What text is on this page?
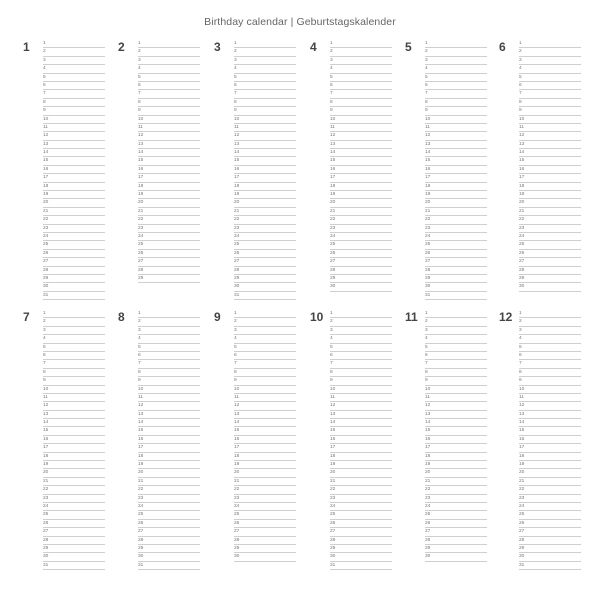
Birthday calendar | Geburtstagskalender
1	1
2
3
4
5
6
7
8
9
10
11
12
13
14
15
16
17
18
19
20
21
22
23
24
25
26
27
28
29
30
31
2	1
2
3
4
5
6
7
8
9
10
11
12
13
14
15
16
17
18
19
20
21
22
23
24
25
26
27
28
29
3	1
2
3
4
5
6
7
8
9
10
11
12
13
14
15
16
17
18
19
20
21
22
23
24
25
26
27
28
29
30
31
4	1
2
3
4
5
6
7
8
9
10
11
12
13
14
15
16
17
18
19
20
21
22
23
24
25
26
27
28
29
30
5	1
2
3
4
5
6
7
8
9
10
11
12
13
14
15
16
17
18
19
20
21
22
23
24
25
26
27
28
29
30
31
6	1
2
3
4
5
6
7
8
9
10
11
12
13
14
15
16
17
18
19
20
21
22
23
24
25
26
27
28
29
30
7	1
2
3
4
5
6
7
8
9
10
11
12
13
14
15
16
17
18
19
20
21
22
23
24
25
26
27
28
29
30
31
8	1
2
3
4
5
6
7
8
9
10
11
12
13
14
15
16
17
18
19
20
21
22
23
24
25
26
27
28
29
30
31
9	1
2
3
4
5
6
7
8
9
10
11
12
13
14
15
16
17
18
19
20
21
22
23
24
25
26
27
28
29
30
10 1
2
3
4
5
6
7
8
9
10
11
12
13
14
15
16
17
18
19
20
21
22
23
24
25
26
27
28
29
30
31
11 1
2
3
4
5
6
7
8
9
10
11
12
13
14
15
16
17
18
19
20
21
22
23
24
25
26
27
28
29
30
12 1
2
3
4
5
6
7
8
9
10
11
12
13
14
15
16
17
18
19
20
21
22
23
24
25
26
27
28
29
30
31
